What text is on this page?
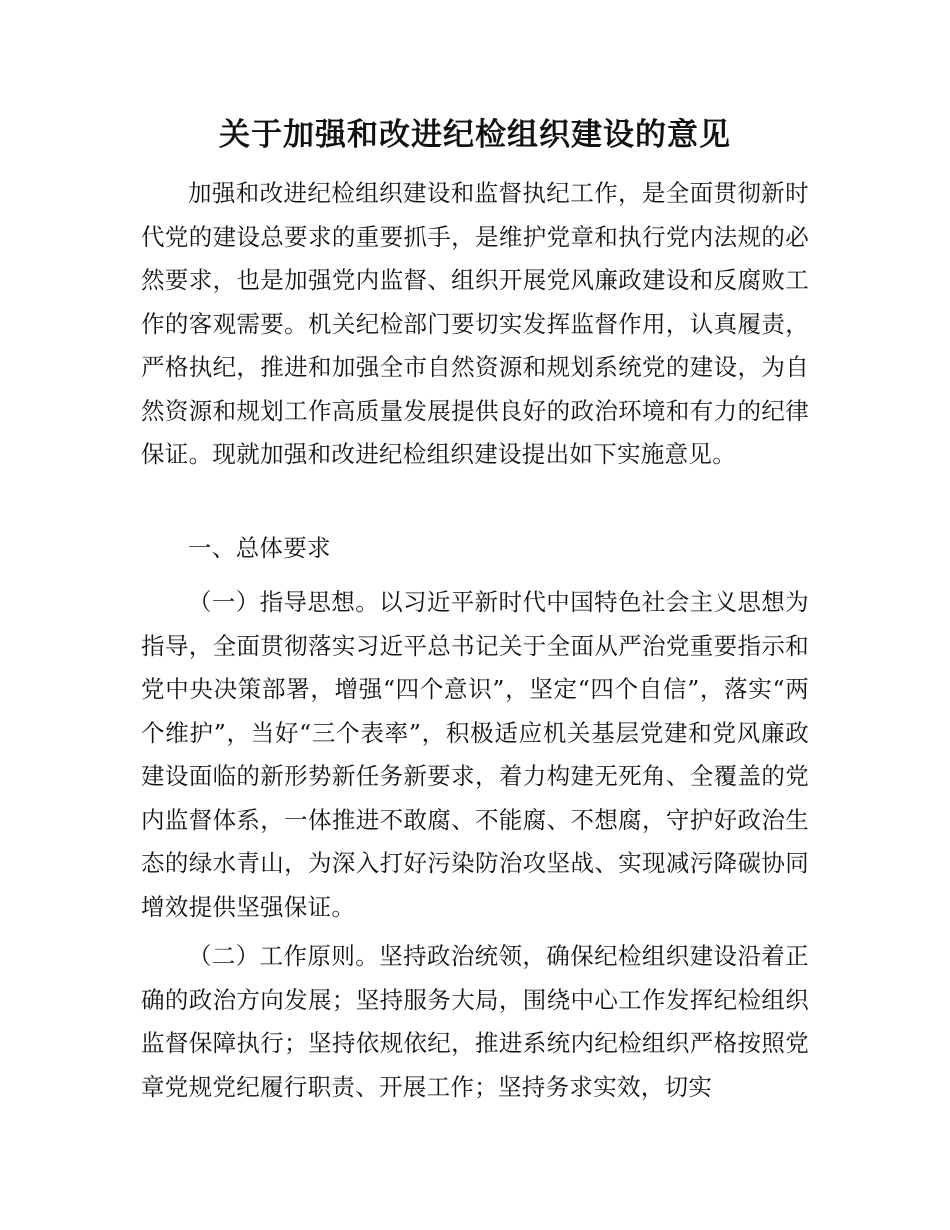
关于加强和改进纪检组织建设的意见

加强和改进纪检组织建设和监督执纪工作，是全面贯彻新时代党的建设总要求的重要抓手，是维护党章和执行党内法规的必然要求，也是加强党内监督、组织开展党风廉政建设和反腐败工作的客观需要。机关纪检部门要切实发挥监督作用，认真履责，严格执纪，推进和加强全市自然资源和规划系统党的建设，为自然资源和规划工作高质量发展提供良好的政治环境和有力的纪律保证。现就加强和改进纪检组织建设提出如下实施意见。

一、总体要求

（一）指导思想。以习近平新时代中国特色社会主义思想为指导，全面贯彻落实习近平总书记关于全面从严治党重要指示和党中央决策部署，增强“四个意识”，坚定“四个自信”，落实“两个维护”，当好“三个表率”，积极适应机关基层党建和党风廉政建设面临的新形势新任务新要求，着力构建无死角、全覆盖的党内监督体系，一体推进不敢腐、不能腐、不想腐，守护好政治生态的绿水青山，为深入打好污染防治攻坚战、实现减污降碳协同增效提供坚强保证。

（二）工作原则。坚持政治统领，确保纪检组织建设沿着正确的政治方向发展；坚持服务大局，围绕中心工作发挥纪检组织监督保障执行；坚持依规依纪，推进系统内纪检组织严格按照党章党规党纪履行职责、开展工作；坚持务求实效，切实
